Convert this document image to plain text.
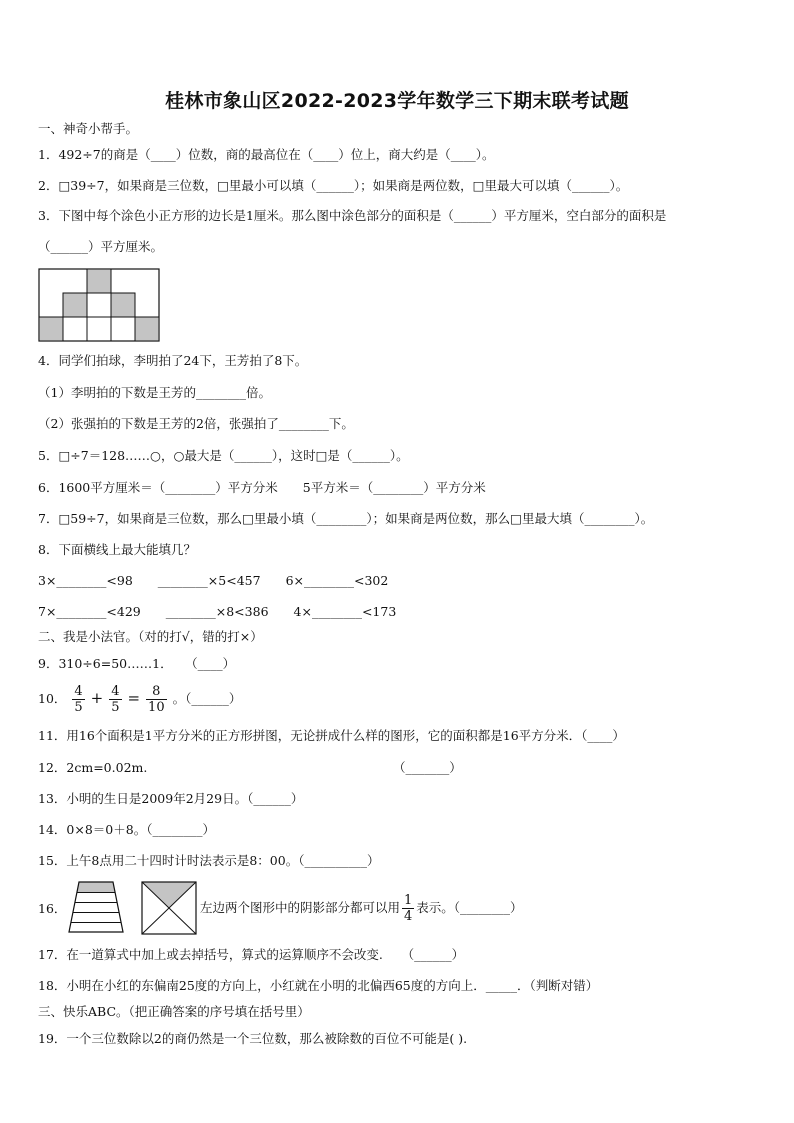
桂林市象山区2022-2023学年数学三下期末联考试题
一、神奇小帮手。
1．492÷7的商是（____）位数，商的最高位在（____）位上，商大约是（____）。
2．□39÷7，如果商是三位数，□里最小可以填（______）；如果商是两位数，□里最大可以填（______）。
3．下图中每个涂色小正方形的边长是1厘米。那么图中涂色部分的面积是（______）平方厘米，空白部分的面积是
（______）平方厘米。
4．同学们拍球，李明拍了24下，王芳拍了8下。
（1）李明拍的下数是王芳的________倍。
（2）张强拍的下数是王芳的2倍，张强拍了________下。
5．□÷7＝128……○，○最大是（______），这时□是（______）。
6．1600平方厘米＝（________）平方分米　　5平方米＝（________）平方分米
7．□59÷7，如果商是三位数，那么□里最小填（________）；如果商是两位数，那么□里最大填（________）。
8．下面横线上最大能填几？
3×________<98　　________×5<457　　6×________<302
7×________<429　　________×8<386　　4×________<173
二、我是小法官。（对的打√，错的打×）
9．310÷6=50……1．　　（____）
10． $\frac{4}{5} + \frac{4}{5} = \frac{8}{10}$ 。（______）
11．用16个面积是1平方分米的正方形拼图，无论拼成什么样的图形，它的面积都是16平方分米．（____）
12．2cm=0.02m.	（_______）
13．小明的生日是2009年2月29日。（______）
14．0×8＝0＋8。（________）
15．上午8点用二十四时计时法表示是8：00。（__________）
16．	左边两个图形中的阴影部分都可以用 $\frac{1}{4}$ 表示。（________）
17．在一道算式中加上或去掉括号，算式的运算顺序不会改变.　　（______）
18．小明在小红的东偏南25度的方向上，小红就在小明的北偏西65度的方向上．_____．（判断对错）
三、快乐ABC。（把正确答案的序号填在括号里）
19．一个三位数除以2的商仍然是一个三位数，那么被除数的百位不可能是( ).
